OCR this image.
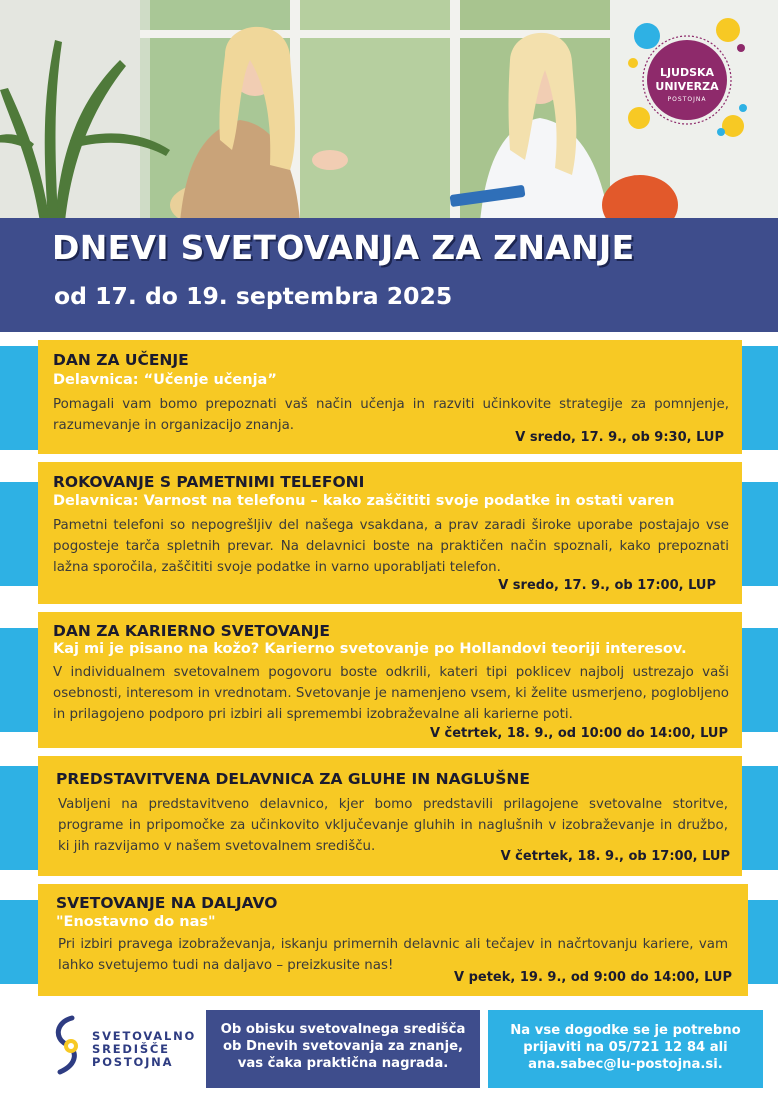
LJUDSKA
UNIVERZA
POSTOJNA
DNEVI SVETOVANJA ZA ZNANJE
od 17. do 19. septembra 2025
DAN ZA UČENJE
Delavnica: “Učenje učenja”
Pomagali vam bomo prepoznati vaš način učenja in razviti učinkovite strategije za pomnjenje, razumevanje in organizacijo znanja.
V sredo, 17. 9., ob 9:30, LUP
ROKOVANJE S PAMETNIMI TELEFONI
Delavnica: Varnost na telefonu – kako zaščititi svoje podatke in ostati varen
Pametni telefoni so nepogrešljiv del našega vsakdana, a prav zaradi široke uporabe postajajo vse pogosteje tarča spletnih prevar. Na delavnici boste na praktičen način spoznali, kako prepoznati lažna sporočila, zaščititi svoje podatke in varno uporabljati telefon.
V sredo, 17. 9., ob 17:00, LUP
DAN ZA KARIERNO SVETOVANJE
Kaj mi je pisano na kožo? Karierno svetovanje po Hollandovi teoriji interesov.
V individualnem svetovalnem pogovoru boste odkrili, kateri tipi poklicev najbolj ustrezajo vaši osebnosti, interesom in vrednotam. Svetovanje je namenjeno vsem, ki želite usmerjeno, poglobljeno in prilagojeno podporo pri izbiri ali spremembi izobraževalne ali karierne poti.
V četrtek, 18. 9., od 10:00 do 14:00, LUP
PREDSTAVITVENA DELAVNICA ZA GLUHE IN NAGLUŠNE
Vabljeni na predstavitveno delavnico, kjer bomo predstavili prilagojene svetovalne storitve, programe in pripomočke za učinkovito vključevanje gluhih in naglušnih v izobraževanje in družbo, ki jih razvijamo v našem svetovalnem središču.
V četrtek, 18. 9., ob 17:00, LUP
SVETOVANJE NA DALJAVO
"Enostavno do nas"
Pri izbiri pravega izobraževanja, iskanju primernih delavnic ali tečajev in načrtovanju kariere, vam lahko svetujemo tudi na daljavo – preizkusite nas!
V petek, 19. 9., od 9:00 do 14:00, LUP
SVETOVALNO
SREDIŠČE
POSTOJNA
Ob obisku svetovalnega središča
ob Dnevih svetovanja za znanje,
vas čaka praktična nagrada.
Na vse dogodke se je potrebno
prijaviti na 05/721 12 84 ali
ana.sabec@lu-postojna.si.
